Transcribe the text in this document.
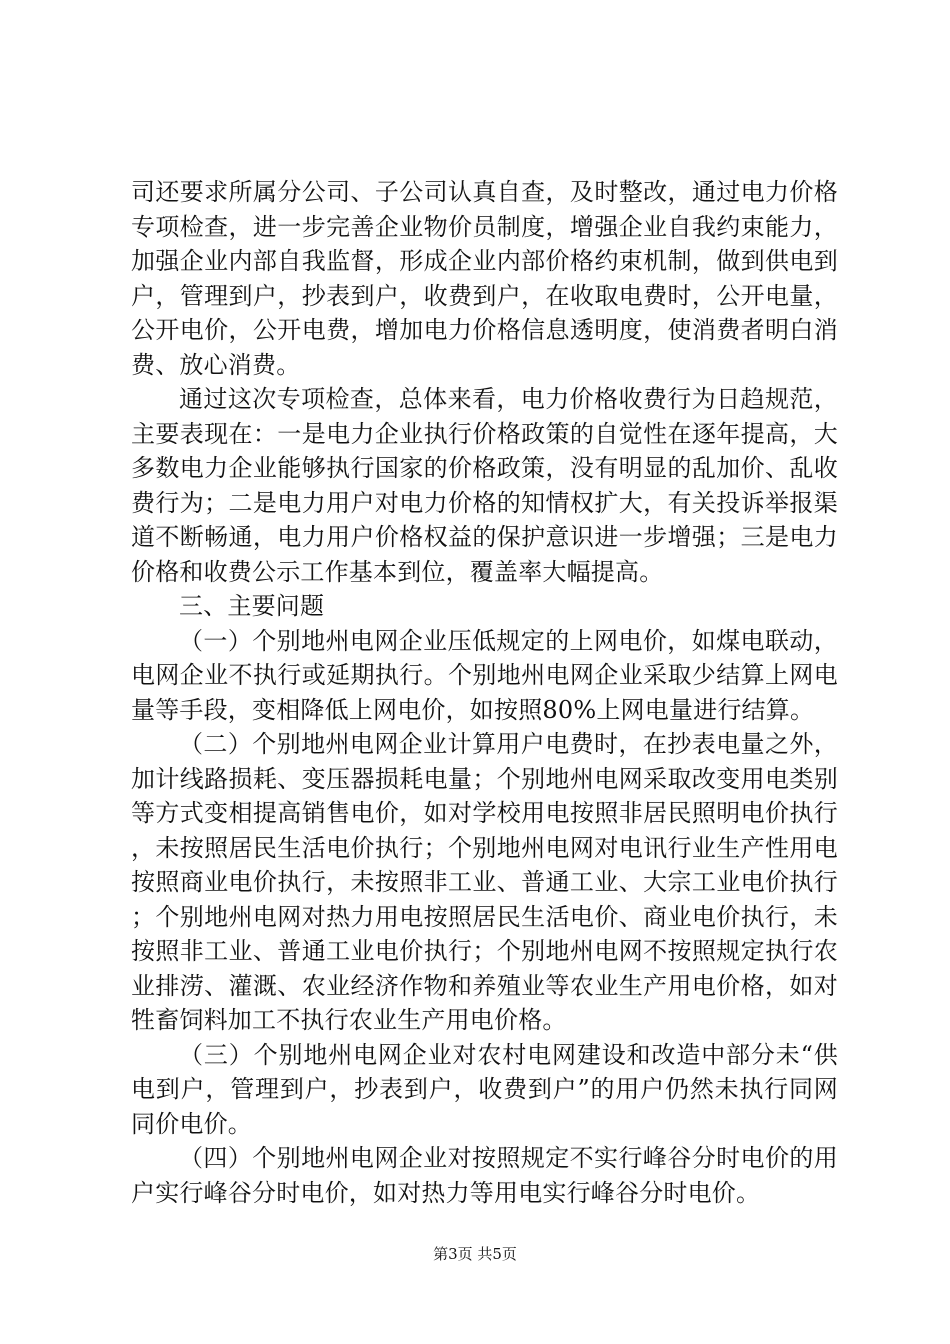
司还要求所属分公司、子公司认真自查，及时整改，通过电力价格专项检查，进一步完善企业物价员制度，增强企业自我约束能力，加强企业内部自我监督，形成企业内部价格约束机制，做到供电到户，管理到户，抄表到户，收费到户，在收取电费时，公开电量，公开电价，公开电费，增加电力价格信息透明度，使消费者明白消费、放心消费。

通过这次专项检查，总体来看，电力价格收费行为日趋规范，主要表现在：一是电力企业执行价格政策的自觉性在逐年提高，大多数电力企业能够执行国家的价格政策，没有明显的乱加价、乱收费行为；二是电力用户对电力价格的知情权扩大，有关投诉举报渠道不断畅通，电力用户价格权益的保护意识进一步增强；三是电力价格和收费公示工作基本到位，覆盖率大幅提高。

三、主要问题

（一）个别地州电网企业压低规定的上网电价，如煤电联动，电网企业不执行或延期执行。个别地州电网企业采取少结算上网电量等手段，变相降低上网电价，如按照80%上网电量进行结算。

（二）个别地州电网企业计算用户电费时，在抄表电量之外，加计线路损耗、变压器损耗电量；个别地州电网采取改变用电类别等方式变相提高销售电价，如对学校用电按照非居民照明电价执行，未按照居民生活电价执行；个别地州电网对电讯行业生产性用电按照商业电价执行，未按照非工业、普通工业、大宗工业电价执行；个别地州电网对热力用电按照居民生活电价、商业电价执行，未按照非工业、普通工业电价执行；个别地州电网不按照规定执行农业排涝、灌溉、农业经济作物和养殖业等农业生产用电价格，如对牲畜饲料加工不执行农业生产用电价格。

（三）个别地州电网企业对农村电网建设和改造中部分未“供电到户，管理到户，抄表到户，收费到户”的用户仍然未执行同网同价电价。

（四）个别地州电网企业对按照规定不实行峰谷分时电价的用户实行峰谷分时电价，如对热力等用电实行峰谷分时电价。

第3页 共5页
